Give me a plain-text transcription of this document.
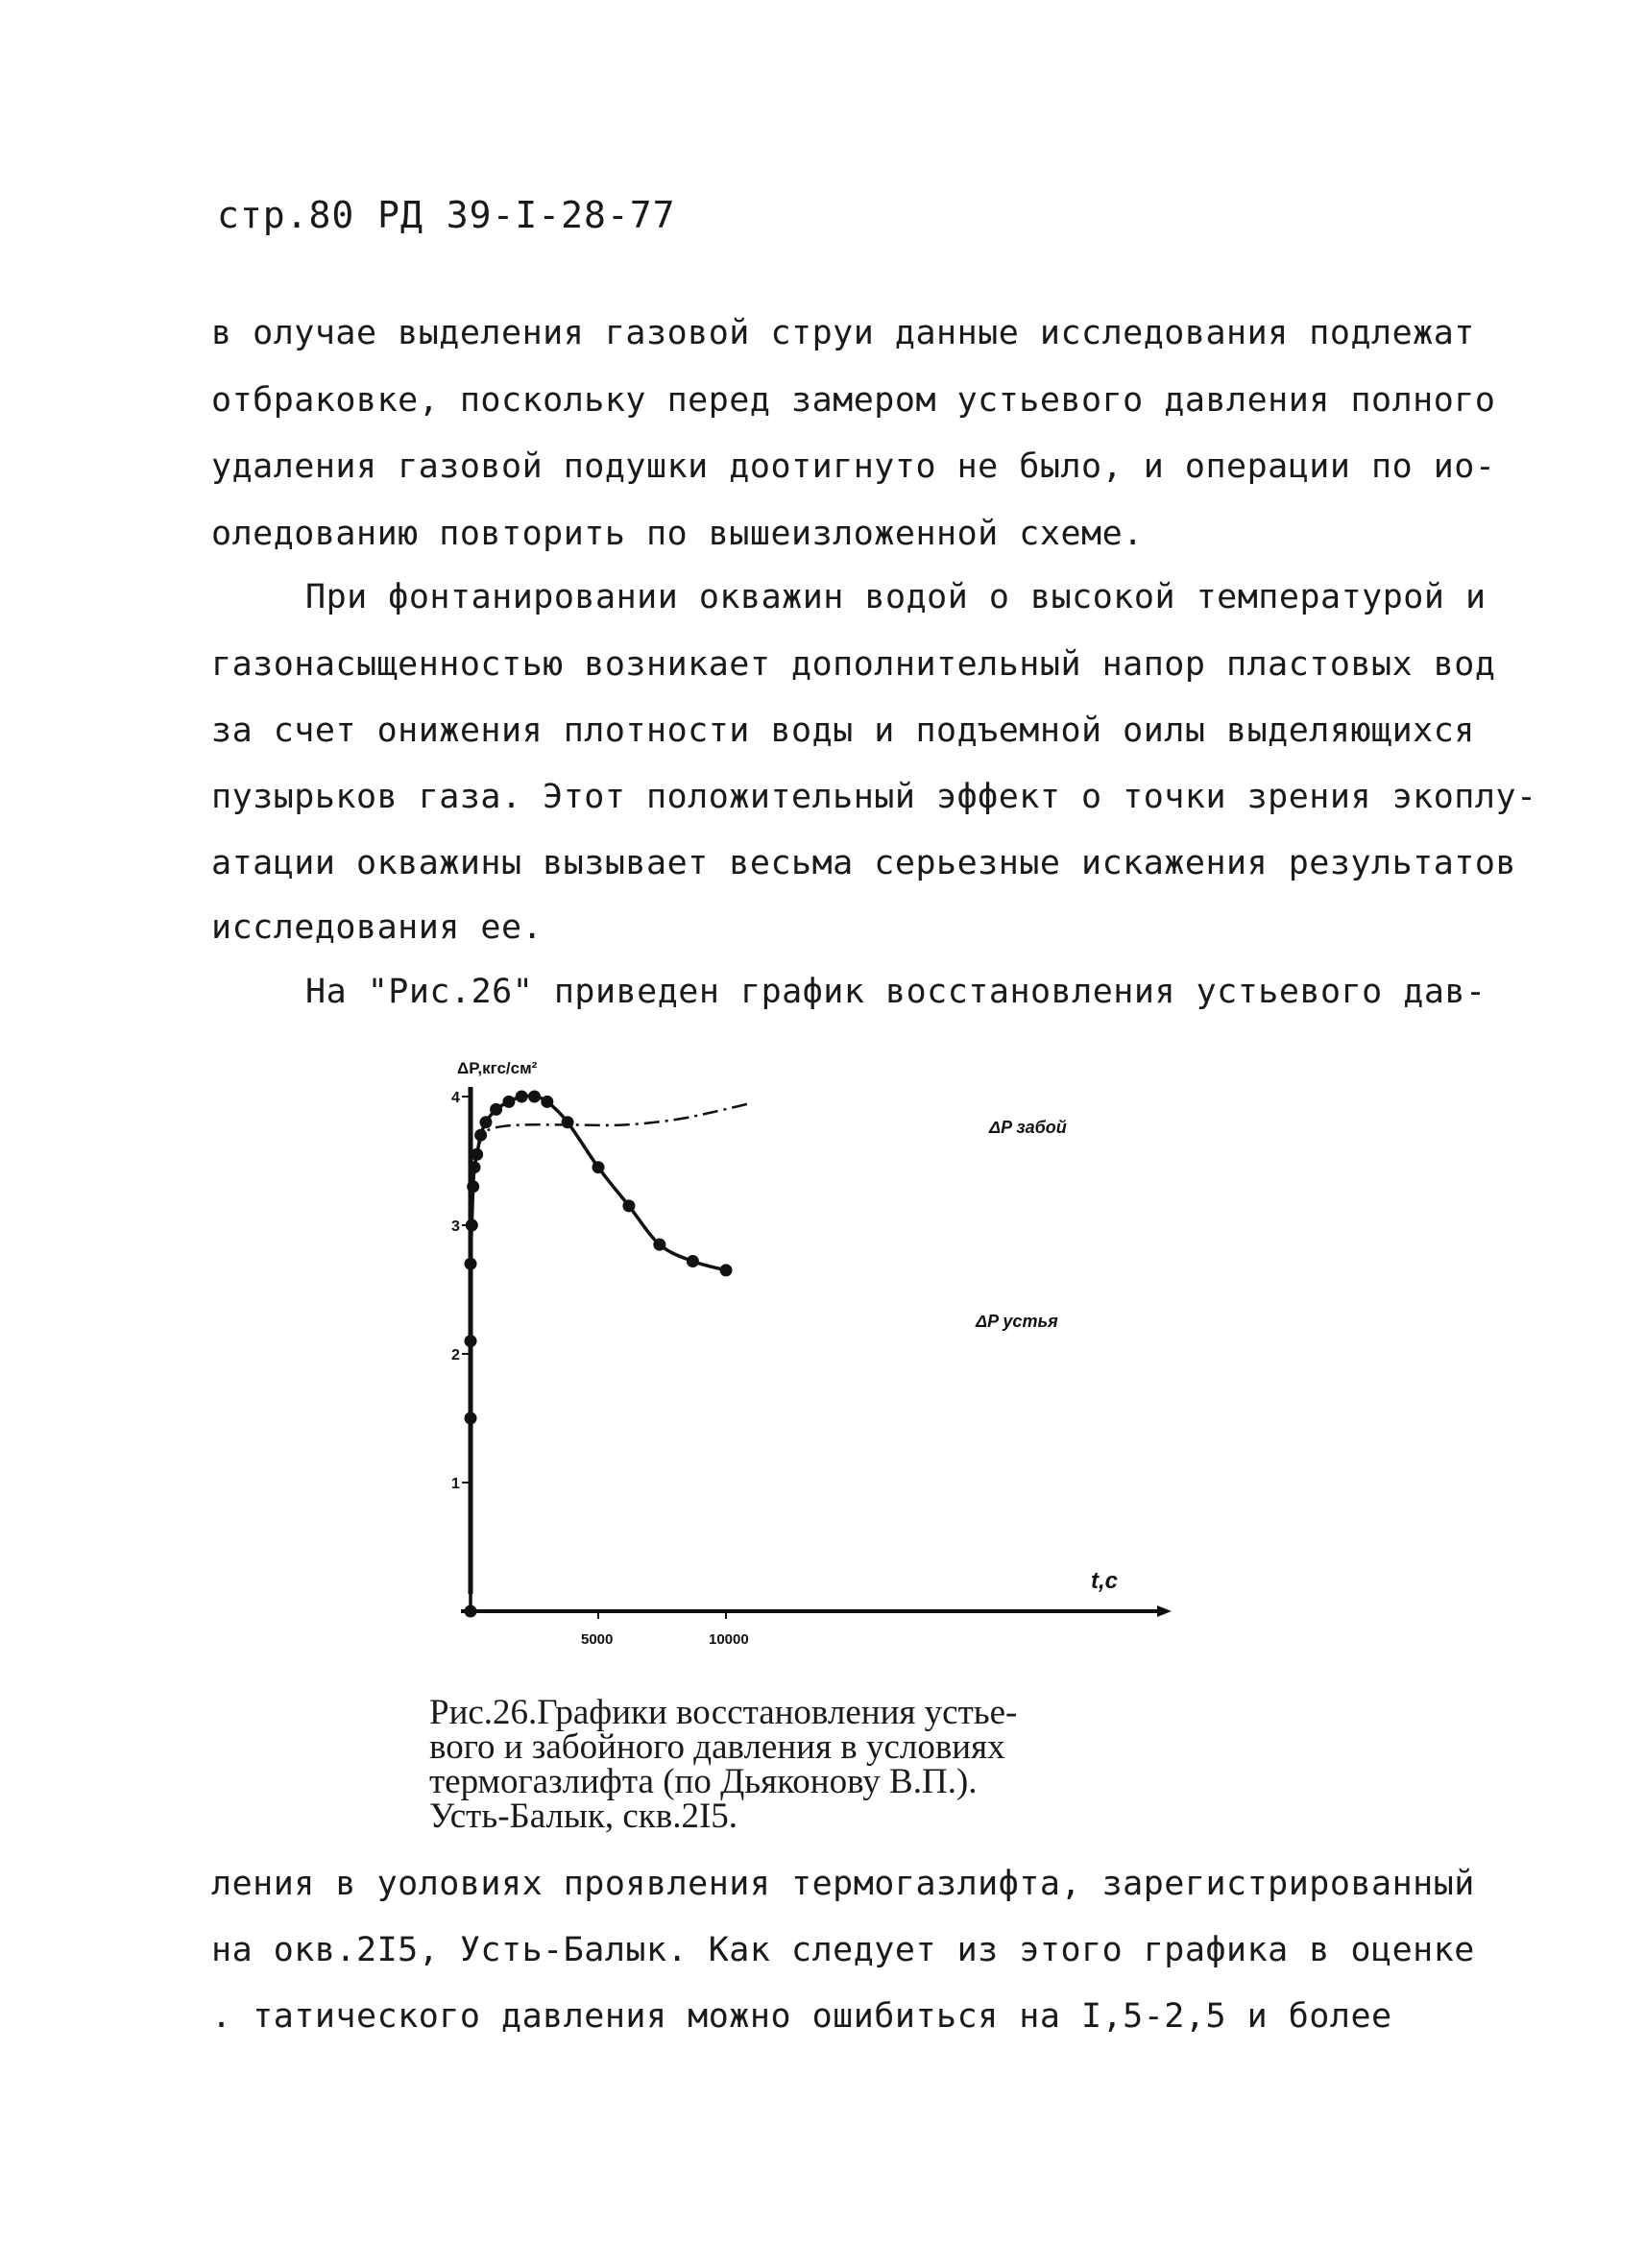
стр.80 РД 39-I-28-77
в олучае выделения газовой струи данные исследования подлежат
отбраковке, поскольку перед замером устьевого давления полного
удаления газовой подушки доотигнуто не было, и операции по ио-
оледованию повторить по вышеизложенной схеме.
При фонтанировании окважин водой о высокой температурой и
газонасыщенностью возникает дополнительный напор пластовых вод
за счет онижения плотности воды и подъемной оилы выделяющихся
пузырьков газа. Этот положительный эффект о точки зрения экоплу-
атации окважины вызывает весьма серьезные искажения результатов
исследования ее.
На "Рис.26" приведен график восстановления устьевого дав-
ΔP,кгс/см²
t,c
1
2
3
4
5000	10000
ΔP забой
ΔP устья
Рис.26.Графики восстановления устье-
вого и забойного давления в условиях
термогазлифта (по Дьяконову В.П.).
Усть-Балык, скв.2I5.
ления в уоловиях проявления термогазлифта, зарегистрированный
на окв.2I5, Усть-Балык. Как следует из этого графика в оценке
. татического давления можно ошибиться на I,5-2,5 и более
